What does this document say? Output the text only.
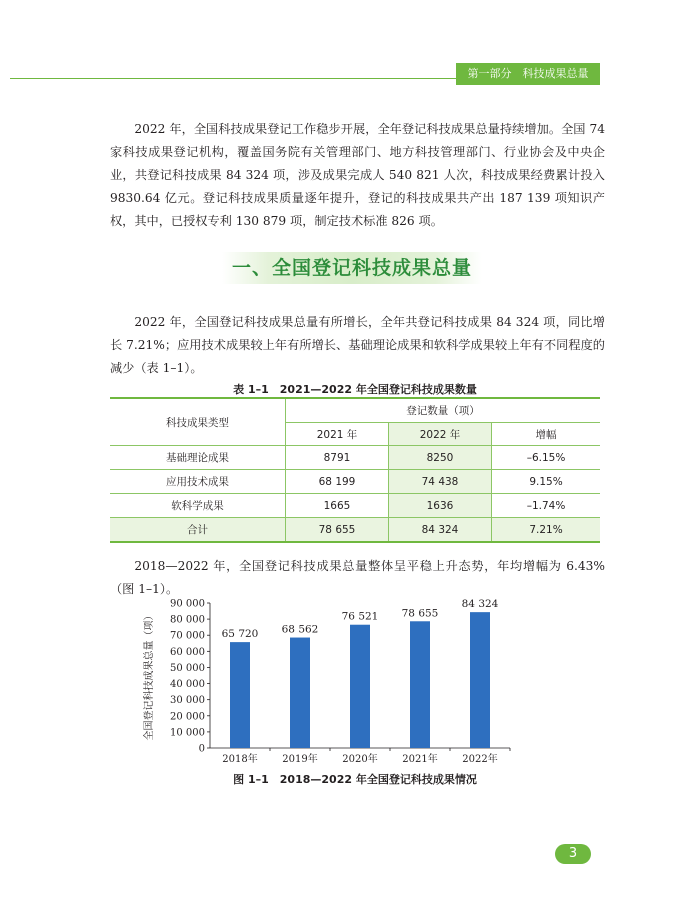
第一部分　科技成果总量

2022 年，全国科技成果登记工作稳步开展，全年登记科技成果总量持续增加。全国 74 家科技成果登记机构，覆盖国务院有关管理部门、地方科技管理部门、行业协会及中央企业，共登记科技成果 84 324 项，涉及成果完成人 540 821 人次，科技成果经费累计投入 9830.64 亿元。登记科技成果质量逐年提升，登记的科技成果共产出 187 139 项知识产权，其中，已授权专利 130 879 项，制定技术标准 826 项。

一、全国登记科技成果总量

2022 年，全国登记科技成果总量有所增长，全年共登记科技成果 84 324 项，同比增长 7.21%；应用技术成果较上年有所增长、基础理论成果和软科学成果较上年有不同程度的减少（表 1–1）。

表 1–1　2021—2022 年全国登记科技成果数量
科技成果类型	登记数量（项）		
	2021 年	2022 年	增幅
基础理论成果	8791	8250	–6.15%
应用技术成果	68 199	74 438	9.15%
软科学成果	1665	1636	–1.74%
合计	78 655	84 324	7.21%

2018—2022 年，全国登记科技成果总量整体呈平稳上升态势，年均增幅为 6.43%（图 1–1）。

全国登记科技成果总量（项）
0
10 000
20 000
30 000
40 000
50 000
60 000
70 000
80 000
90 000
65 720
2018年
68 562
2019年
76 521
2020年
78 655
2021年
84 324
2022年
图 1–1　2018—2022 年全国登记科技成果情况
3
